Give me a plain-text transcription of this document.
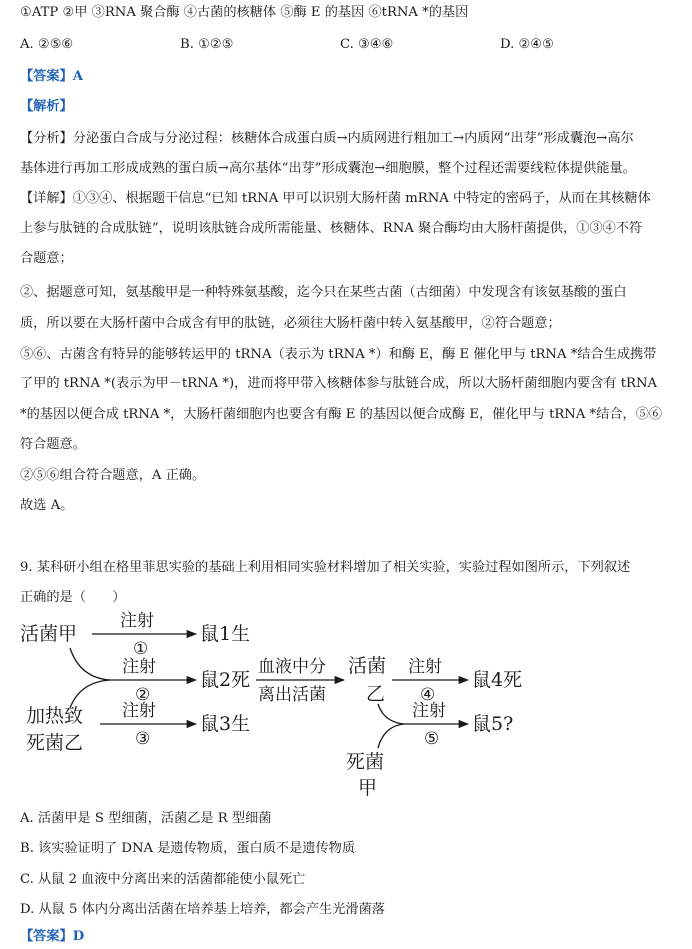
①ATP ②甲 ③RNA 聚合酶 ④古菌的核糖体 ⑤酶 E 的基因 ⑥tRNA *的基因
A. ②⑤⑥	B. ①②⑤	C. ③④⑥	D. ②④⑤
【答案】A
【解析】
【分析】分泌蛋白合成与分泌过程：核糖体合成蛋白质→内质网进行粗加工→内质网“出芽”形成囊泡→高尔
基体进行再加工形成成熟的蛋白质→高尔基体“出芽”形成囊泡→细胞膜，整个过程还需要线粒体提供能量。
【详解】①③④、根据题干信息“已知 tRNA 甲可以识别大肠杆菌 mRNA 中特定的密码子，从而在其核糖体
上参与肽链的合成肽链”，说明该肽链合成所需能量、核糖体、RNA 聚合酶均由大肠杆菌提供，①③④不符
合题意；
②、据题意可知，氨基酸甲是一种特殊氨基酸，迄今只在某些古菌（古细菌）中发现含有该氨基酸的蛋白
质，所以要在大肠杆菌中合成含有甲的肽链，必须往大肠杆菌中转入氨基酸甲，②符合题意；
⑤⑥、古菌含有特异的能够转运甲的 tRNA（表示为 tRNA *）和酶 E，酶 E 催化甲与 tRNA *结合生成携带
了甲的 tRNA *(表示为甲－tRNA *)，进而将甲带入核糖体参与肽链合成，所以大肠杆菌细胞内要含有 tRNA
*的基因以便合成 tRNA *，大肠杆菌细胞内也要含有酶 E 的基因以便合成酶 E，催化甲与 tRNA *结合，⑤⑥
符合题意。
②⑤⑥组合符合题意，A 正确。
故选 A。
9. 某科研小组在格里菲思实验的基础上利用相同实验材料增加了相关实验，实验过程如图所示，下列叙述
正确的是（　　）
活菌甲
注射
①
鼠1生
注射
②
鼠2死
血液中分
离出活菌
活菌
乙
注射
④
鼠4死
加热致
死菌乙
注射
③
鼠3生
注射
⑤
鼠5?
死菌
甲
A. 活菌甲是 S 型细菌，活菌乙是 R 型细菌
B. 该实验证明了 DNA 是遗传物质，蛋白质不是遗传物质
C. 从鼠 2 血液中分离出来的活菌都能使小鼠死亡
D. 从鼠 5 体内分离出活菌在培养基上培养，都会产生光滑菌落
【答案】D
